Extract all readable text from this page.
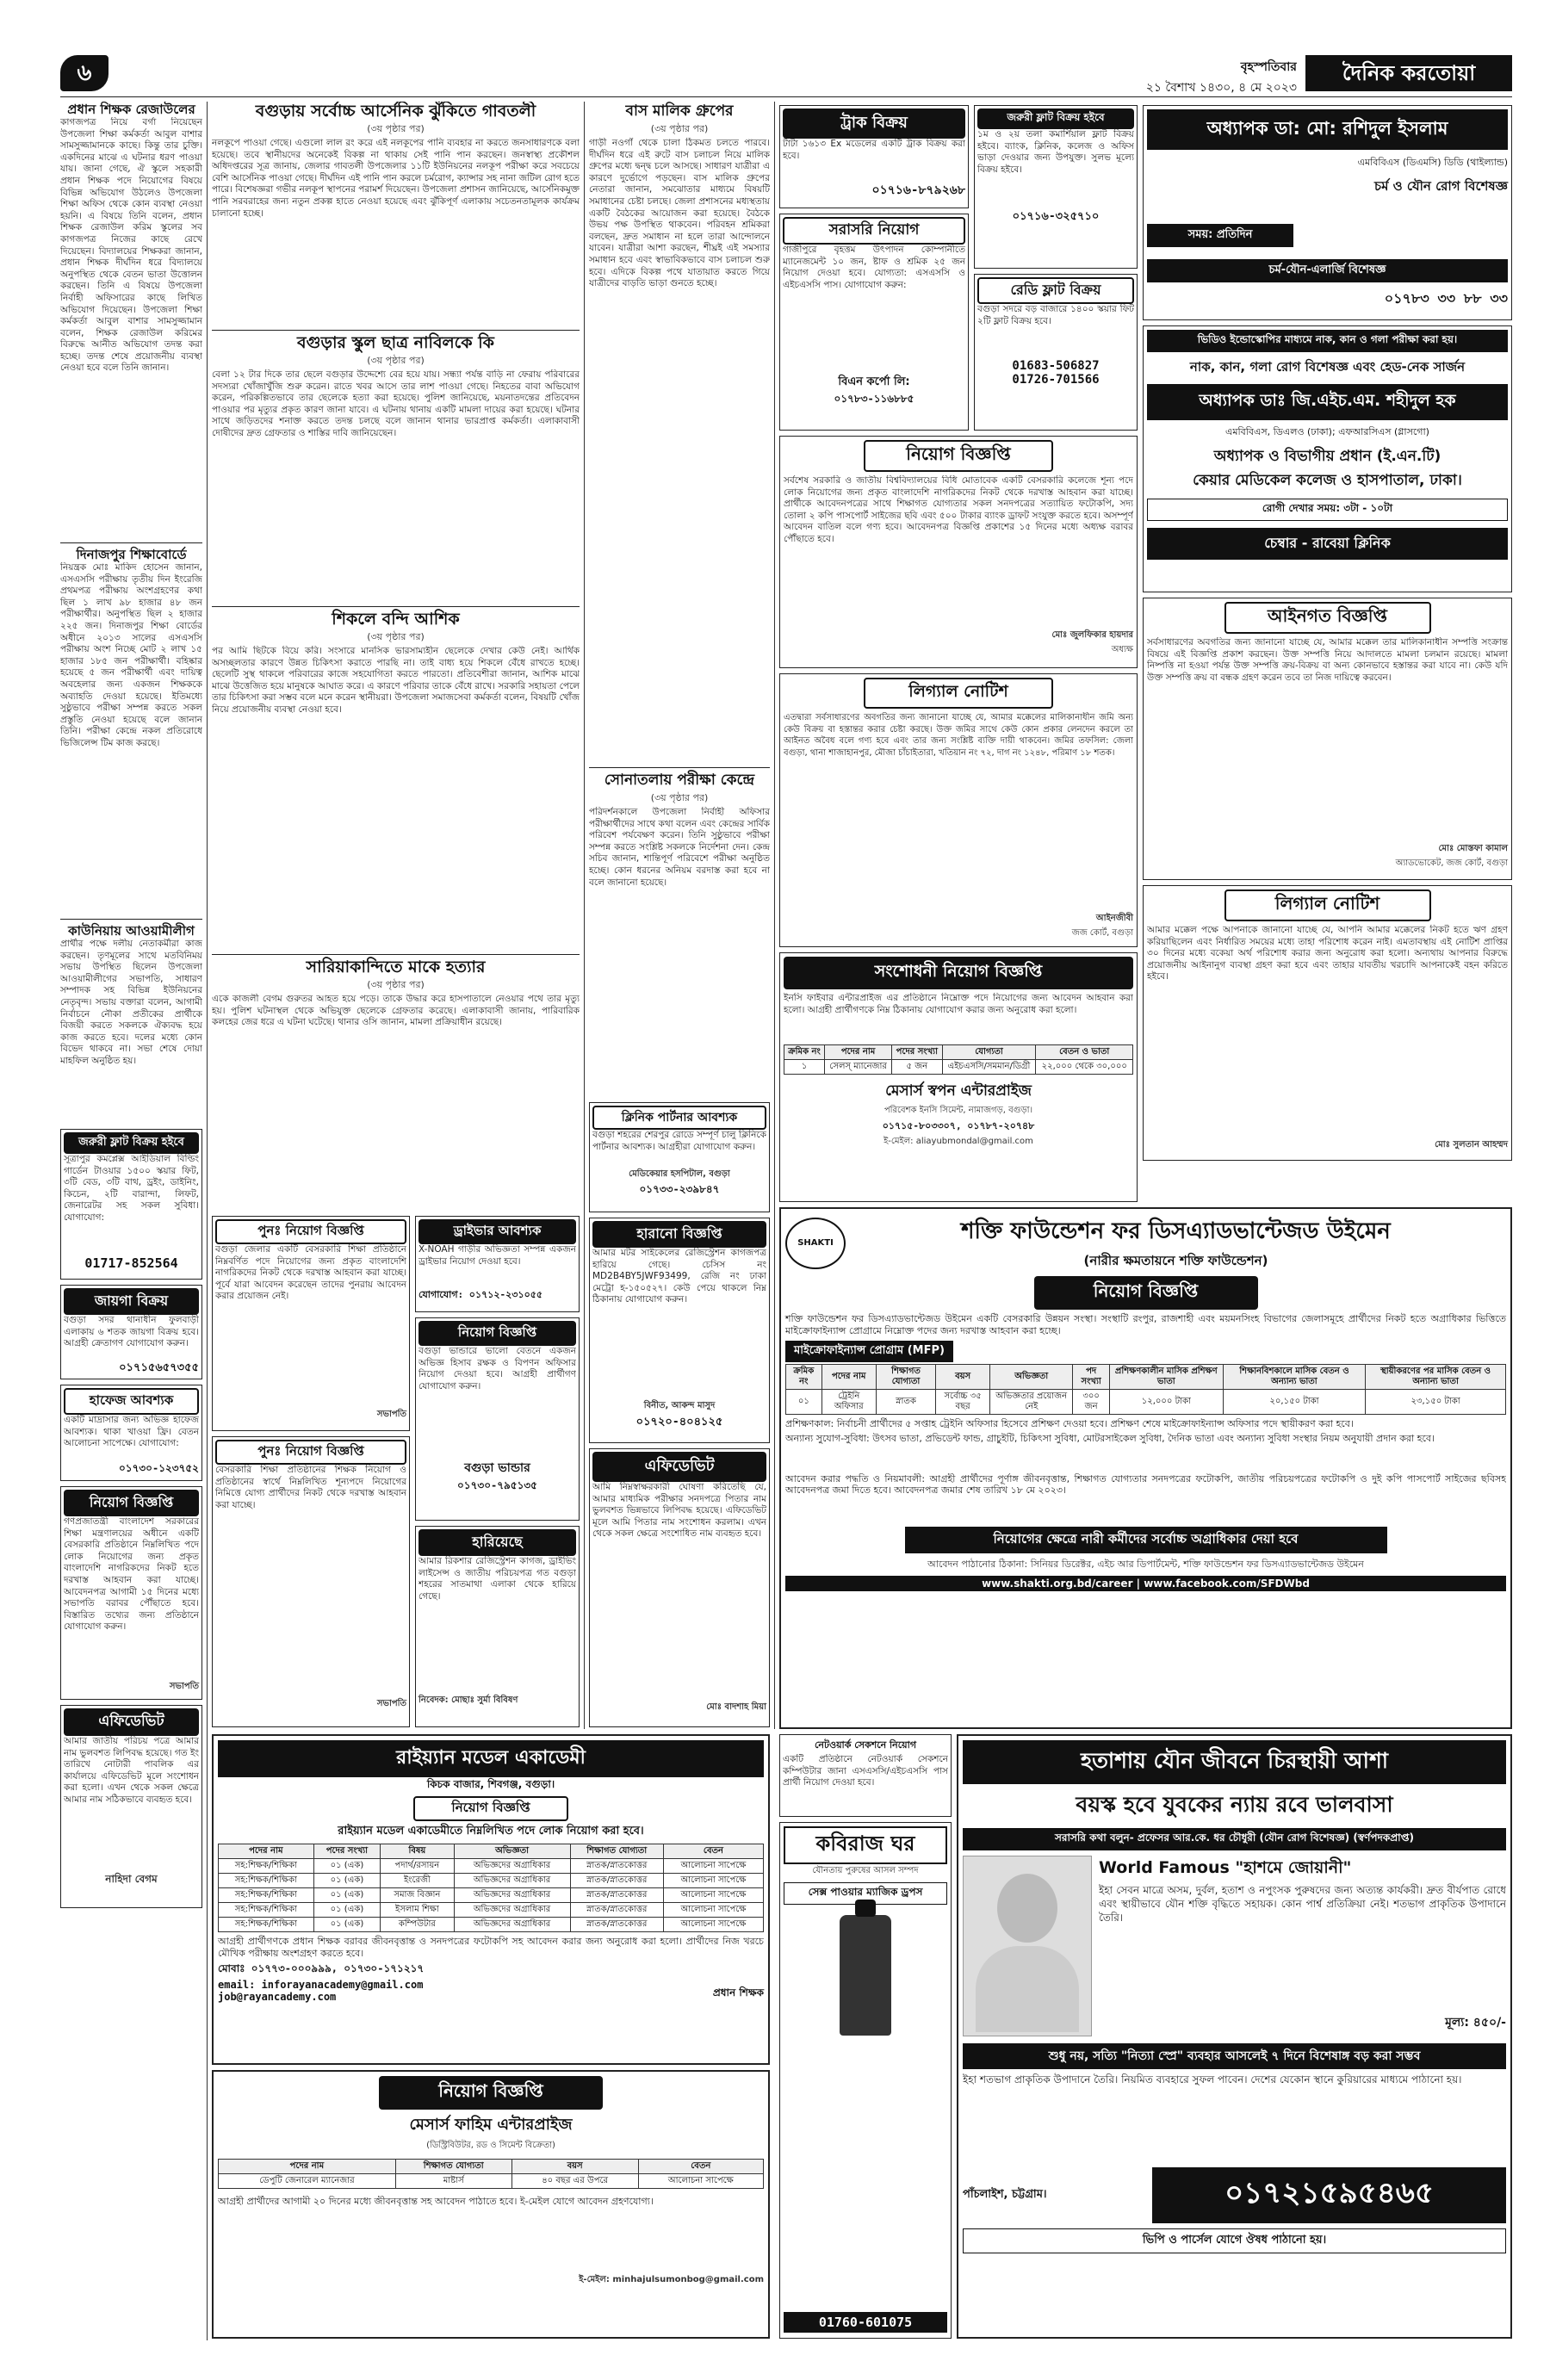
৬	বৃহস্পতিবার
২১ বৈশাখ ১৪৩০, ৪ মে ২০২৩
দৈনিক করতোয়া
প্রধান শিক্ষক রেজাউলের
কাগজপত্র নিয়ে বর্গা নিয়েছেন উপজেলা শিক্ষা কর্মকর্তা আবুল বাশার সামসুজ্জামানকে কাছে। কিন্তু তার চুক্তি। একদিনের মাঝে এ ঘটনার ধরণ পাওয়া যায়। জানা গেছে, ঐ স্কুলে সহকারী প্রধান শিক্ষক পদে নিয়োগের বিষয়ে বিভিন্ন অভিযোগ উঠলেও উপজেলা শিক্ষা অফিস থেকে কোন ব্যবস্থা নেওয়া হয়নি। এ বিষয়ে তিনি বলেন, প্রধান শিক্ষক রেজাউল করিম স্কুলের সব কাগজপত্র নিজের কাছে রেখে দিয়েছেন। বিদ্যালয়ের শিক্ষকরা জানান, প্রধান শিক্ষক দীর্ঘদিন ধরে বিদ্যালয়ে অনুপস্থিত থেকে বেতন ভাতা উত্তোলন করছেন। তিনি এ বিষয়ে উপজেলা নির্বাহী অফিসারের কাছে লিখিত অভিযোগ দিয়েছেন। উপজেলা শিক্ষা কর্মকর্তা আবুল বাশার সামসুজ্জামান বলেন, শিক্ষক রেজাউল করিমের বিরুদ্ধে আনীত অভিযোগ তদন্ত করা হচ্ছে। তদন্ত শেষে প্রয়োজনীয় ব্যবস্থা নেওয়া হবে বলে তিনি জানান।
দিনাজপুর শিক্ষাবোর্ডে
নিয়ন্ত্রক মোঃ মাকিদ হোসেন জানান, এসএসসি পরীক্ষায় তৃতীয় দিন ইংরেজি প্রথমপত্র পরীক্ষায় অংশগ্রহণের কথা ছিল ১ লাখ ৯৮ হাজার ৪৮ জন পরীক্ষার্থীর। অনুপস্থিত ছিল ২ হাজার ২২৫ জন। দিনাজপুর শিক্ষা বোর্ডের অধীনে ২০১৩ সালের এসএসসি পরীক্ষায় অংশ নিচ্ছে মোট ২ লাখ ১৫ হাজার ১৮৫ জন পরীক্ষার্থী। বহিষ্কার হয়েছে ৫ জন পরীক্ষার্থী এবং দায়িত্ব অবহেলার জন্য একজন শিক্ষককে অব্যাহতি দেওয়া হয়েছে। ইতিমধ্যে সুষ্ঠুভাবে পরীক্ষা সম্পন্ন করতে সকল প্রস্তুতি নেওয়া হয়েছে বলে জানান তিনি। পরীক্ষা কেন্দ্রে নকল প্রতিরোধে ভিজিলেন্স টিম কাজ করছে।
কাউনিয়ায় আওয়ামীলীগ
প্রার্থীর পক্ষে দলীয় নেতাকর্মীরা কাজ করছেন। তৃণমূলের সাথে মতবিনিময় সভায় উপস্থিত ছিলেন উপজেলা আওয়ামীলীগের সভাপতি, সাধারণ সম্পাদক সহ বিভিন্ন ইউনিয়নের নেতৃবৃন্দ। সভায় বক্তারা বলেন, আগামী নির্বাচনে নৌকা প্রতীকের প্রার্থীকে বিজয়ী করতে সকলকে ঐক্যবদ্ধ হয়ে কাজ করতে হবে। দলের মধ্যে কোন বিভেদ থাকবে না। সভা শেষে দোয়া মাহফিল অনুষ্ঠিত হয়।
জরুরী ফ্লাট বিক্রয় হইবে
সূত্রাপুর কমপ্লেক্স আইডিয়াল বিল্ডিং গার্ডেন টাওয়ার ১৫০০ স্কয়ার ফিট, ৩টি বেড, ৩টি বাথ, ড্রইং, ডাইনিং, কিচেন, ২টি বারান্দা, লিফট, জেনারেটর সহ সকল সুবিধা। যোগাযোগ:
01717-852564
জায়গা বিক্রয়
বগুড়া সদর থানাধীন ফুলবাড়ী এলাকায় ৬ শতক জায়গা বিক্রয় হবে। আগ্রহী ক্রেতাগণ যোগাযোগ করুন।
০১৭১৫৬৫৭৩৫৫
হাফেজ আবশ্যক
একটি মাদ্রাসার জন্য অভিজ্ঞ হাফেজ আবশ্যক। থাকা খাওয়া ফ্রি। বেতন আলোচনা সাপেক্ষে। যোগাযোগ:
০১৭৩০-১২৩৭৫২
নিয়োগ বিজ্ঞপ্তি
গণপ্রজাতন্ত্রী বাংলাদেশ সরকারের শিক্ষা মন্ত্রণালয়ের অধীনে একটি বেসরকারি প্রতিষ্ঠানে নিম্নলিখিত পদে লোক নিয়োগের জন্য প্রকৃত বাংলাদেশি নাগরিকদের নিকট হতে দরখাস্ত আহবান করা যাচ্ছে। আবেদনপত্র আগামী ১৫ দিনের মধ্যে সভাপতি বরাবর পৌঁছাতে হবে। বিস্তারিত তথ্যের জন্য প্রতিষ্ঠানে যোগাযোগ করুন।
সভাপতি
এফিডেভিট
আমার জাতীয় পরিচয় পত্রে আমার নাম ভুলবশত লিপিবদ্ধ হয়েছে। গত ইং তারিখে নোটারী পাবলিক এর কার্যালয়ে এফিডেভিট মূলে সংশোধন করা হলো। এখন থেকে সকল ক্ষেত্রে আমার নাম সঠিকভাবে ব্যবহৃত হবে।
নাহিদা বেগম
বগুড়ায় সর্বোচ্চ আর্সেনিক ঝুঁকিতে গাবতলী
(৩য় পৃষ্ঠার পর)
নলকূপে পাওয়া গেছে। এগুলো লাল রং করে এই নলকূপের পানি ব্যবহার না করতে জনসাধারণকে বলা হয়েছে। তবে স্থানীয়দের অনেকেই বিকল্প না থাকায় সেই পানি পান করছেন। জনস্বাস্থ্য প্রকৌশল অধিদপ্তরের সূত্র জানায়, জেলার গাবতলী উপজেলার ১১টি ইউনিয়নের নলকূপ পরীক্ষা করে সবচেয়ে বেশি আর্সেনিক পাওয়া গেছে। দীর্ঘদিন এই পানি পান করলে চর্মরোগ, ক্যান্সার সহ নানা জটিল রোগ হতে পারে। বিশেষজ্ঞরা গভীর নলকূপ স্থাপনের পরামর্শ দিয়েছেন। উপজেলা প্রশাসন জানিয়েছে, আর্সেনিকমুক্ত পানি সরবরাহের জন্য নতুন প্রকল্প হাতে নেওয়া হয়েছে এবং ঝুঁকিপূর্ণ এলাকায় সচেতনতামূলক কার্যক্রম চালানো হচ্ছে।
বগুড়ার স্কুল ছাত্র নাবিলকে কি
(৩য় পৃষ্ঠার পর)
বেলা ১২ টার দিকে তার ছেলে বগুড়ার উদ্দেশ্যে বের হয়ে যায়। সন্ধ্যা পর্যন্ত বাড়ি না ফেরায় পরিবারের সদস্যরা খোঁজাখুঁজি শুরু করেন। রাতে খবর আসে তার লাশ পাওয়া গেছে। নিহতের বাবা অভিযোগ করেন, পরিকল্পিতভাবে তার ছেলেকে হত্যা করা হয়েছে। পুলিশ জানিয়েছে, ময়নাতদন্তের প্রতিবেদন পাওয়ার পর মৃত্যুর প্রকৃত কারণ জানা যাবে। এ ঘটনায় থানায় একটি মামলা দায়ের করা হয়েছে। ঘটনার সাথে জড়িতদের শনাক্ত করতে তদন্ত চলছে বলে জানান থানার ভারপ্রাপ্ত কর্মকর্তা। এলাকাবাসী দোষীদের দ্রুত গ্রেফতার ও শাস্তির দাবি জানিয়েছেন।
শিকলে বন্দি আশিক
(৩য় পৃষ্ঠার পর)
পর আমি ছিটকে বিয়ে করি। সংসারে মানসিক ভারসাম্যহীন ছেলেকে দেখার কেউ নেই। আর্থিক অসচ্ছলতার কারণে উন্নত চিকিৎসা করাতে পারছি না। তাই বাধ্য হয়ে শিকলে বেঁধে রাখতে হচ্ছে। ছেলেটি সুস্থ থাকলে পরিবারের কাজে সহযোগিতা করতে পারতো। প্রতিবেশীরা জানান, আশিক মাঝে মাঝে উত্তেজিত হয়ে মানুষকে আঘাত করে। এ কারণে পরিবার তাকে বেঁধে রাখে। সরকারি সহায়তা পেলে তার চিকিৎসা করা সম্ভব বলে মনে করেন স্থানীয়রা। উপজেলা সমাজসেবা কর্মকর্তা বলেন, বিষয়টি খোঁজ নিয়ে প্রয়োজনীয় ব্যবস্থা নেওয়া হবে।
সারিয়াকান্দিতে মাকে হত্যার
(৩য় পৃষ্ঠার পর)
একে কাজলী বেগম গুরুতর আহত হয়ে পড়ে। তাকে উদ্ধার করে হাসপাতালে নেওয়ার পথে তার মৃত্যু হয়। পুলিশ ঘটনাস্থল থেকে অভিযুক্ত ছেলেকে গ্রেফতার করেছে। এলাকাবাসী জানায়, পারিবারিক কলহের জের ধরে এ ঘটনা ঘটেছে। থানার ওসি জানান, মামলা প্রক্রিয়াধীন রয়েছে।
পুনঃ নিয়োগ বিজ্ঞপ্তি
বগুড়া জেলার একটি বেসরকারি শিক্ষা প্রতিষ্ঠানে নিম্নবর্ণিত পদে নিয়োগের জন্য প্রকৃত বাংলাদেশি নাগরিকদের নিকট থেকে দরখাস্ত আহবান করা যাচ্ছে। পূর্বে যারা আবেদন করেছেন তাদের পুনরায় আবেদন করার প্রয়োজন নেই।
সভাপতি
পুনঃ নিয়োগ বিজ্ঞপ্তি
বেসরকারি শিক্ষা প্রতিষ্ঠানের শিক্ষক নিয়োগ ও প্রতিষ্ঠানের স্বার্থে নিম্নলিখিত শূন্যপদে নিয়োগের নিমিত্তে যোগ্য প্রার্থীদের নিকট থেকে দরখাস্ত আহবান করা যাচ্ছে।
সভাপতি
ড্রাইভার আবশ্যক
X-NOAH গাড়ীর অভিজ্ঞতা সম্পন্ন একজন ড্রাইভার নিয়োগ দেওয়া হবে।
যোগাযোগ: ০১৭১২-২৩১০৫৫
নিয়োগ বিজ্ঞপ্তি
বগুড়া ভান্ডারে ভালো বেতনে একজন অভিজ্ঞ হিসাব রক্ষক ও বিপণন অফিসার নিয়োগ দেওয়া হবে। আগ্রহী প্রার্থীগণ যোগাযোগ করুন।
বগুড়া ভান্ডার
০১৭৩০-৭৯৫১৩৫
হারিয়েছে
আমার রিকশার রেজিস্ট্রেশন কাগজ, ড্রাইভিং লাইসেন্স ও জাতীয় পরিচয়পত্র গত বগুড়া শহরের সাতমাথা এলাকা থেকে হারিয়ে গেছে।
নিবেদক: মোছাঃ সুর্মা বিবিষণ
বাস মালিক গ্রুপের
(৩য় পৃষ্ঠার পর)
গাড়ী নওগাঁ থেকে চালা ঠিকমত চলতে পারবে। দীর্ঘদিন ধরে এই রুটে বাস চলাচল নিয়ে মালিক গ্রুপের মধ্যে দ্বন্দ্ব চলে আসছে। সাধারণ যাত্রীরা এ কারণে দুর্ভোগে পড়ছেন। বাস মালিক গ্রুপের নেতারা জানান, সমঝোতার মাধ্যমে বিষয়টি সমাধানের চেষ্টা চলছে। জেলা প্রশাসনের মধ্যস্থতায় একটি বৈঠকের আয়োজন করা হয়েছে। বৈঠকে উভয় পক্ষ উপস্থিত থাকবেন। পরিবহন শ্রমিকরা বলছেন, দ্রুত সমাধান না হলে তারা আন্দোলনে যাবেন। যাত্রীরা আশা করছেন, শীঘ্রই এই সমস্যার সমাধান হবে এবং স্বাভাবিকভাবে বাস চলাচল শুরু হবে। এদিকে বিকল্প পথে যাতায়াত করতে গিয়ে যাত্রীদের বাড়তি ভাড়া গুনতে হচ্ছে।
সোনাতলায় পরীক্ষা কেন্দ্রে
(৩য় পৃষ্ঠার পর)
পরিদর্শনকালে উপজেলা নির্বাহী অফিসার পরীক্ষার্থীদের সাথে কথা বলেন এবং কেন্দ্রের সার্বিক পরিবেশ পর্যবেক্ষণ করেন। তিনি সুষ্ঠুভাবে পরীক্ষা সম্পন্ন করতে সংশ্লিষ্ট সকলকে নির্দেশনা দেন। কেন্দ্র সচিব জানান, শান্তিপূর্ণ পরিবেশে পরীক্ষা অনুষ্ঠিত হচ্ছে। কোন ধরনের অনিয়ম বরদাস্ত করা হবে না বলে জানানো হয়েছে।
ক্লিনিক পার্টনার আবশ্যক
বগুড়া শহরের শেরপুর রোডে সম্পূর্ণ চালু ক্লিনিকে পার্টনার আবশ্যক। আগ্রহীরা যোগাযোগ করুন।
মেডিকেয়ার হসপিটাল, বগুড়া
০১৭৩৩-২৩৯৮৪৭
হারানো বিজ্ঞপ্তি
আমার মটর সাইকেলের রেজিস্ট্রেশন কাগজপত্র হারিয়ে গেছে। চেসিস নং MD2B4BY5JWF93499, রেজি নং ঢাকা মেট্রো হ-১৫০৫২৭। কেউ পেয়ে থাকলে নিম্ন ঠিকানায় যোগাযোগ করুন।
বিনীত, আকন্দ মাসুদ
০১৭২০-৪০৪১২৫
এফিডেভিট
আমি নিম্নস্বাক্ষরকারী ঘোষণা করিতেছি যে, আমার মাধ্যমিক পরীক্ষার সনদপত্রে পিতার নাম ভুলবশত ভিন্নভাবে লিপিবদ্ধ হয়েছে। এফিডেভিট মূলে আমি পিতার নাম সংশোধন করলাম। এখন থেকে সকল ক্ষেত্রে সংশোধিত নাম ব্যবহৃত হবে।
মোঃ বাদশাহ মিয়া
ট্রাক বিক্রয়
টাটা ১৬১৩ Ex মডেলের একটি ট্রাক বিক্রয় করা হবে।
০১৭১৬-৮৭৯২৬৮
সরাসরি নিয়োগ
গাজীপুরে বৃহত্তম উৎপাদন কোম্পানীতে ম্যানেজমেন্ট ১০ জন, ষ্টাফ ও শ্রমিক ২৫ জন নিয়োগ দেওয়া হবে। যোগ্যতা: এসএসসি ও এইচএসসি পাস। যোগাযোগ করুন:
বিএন কর্পো লি:
০১৭৮৩-১১৬৮৮৫
জরুরী ফ্লাট বিক্রয় হইবে
১ম ও ২য় তলা কমার্শিয়াল ফ্লাট বিক্রয় হইবে। ব্যাংক, ক্লিনিক, কলেজ ও অফিস ভাড়া দেওয়ার জন্য উপযুক্ত। সুলভ মূল্যে বিক্রয় হইবে।
০১৭১৬-৩২৫৭১০
রেডি ফ্লাট বিক্রয়
বগুড়া সদরে বড় বাজারে ১৪০০ স্কয়ার ফিট ২টি ফ্লাট বিক্রয় হবে।
01683-506827
01726-701566
অধ্যাপক ডা: মো: রশিদুল ইসলাম
এমবিবিএস (ডিএমসি) ডিডি (থাইল্যান্ড)
চর্ম ও যৌন রোগ বিশেষজ্ঞ
সময়: প্রতিদিন
চর্ম-যৌন-এলার্জি বিশেষজ্ঞ
০১৭৮৩ ৩৩ ৮৮ ৩৩
ভিডিও ইন্ডোস্কোপির মাধ্যমে নাক, কান ও গলা পরীক্ষা করা হয়।
নাক, কান, গলা রোগ বিশেষজ্ঞ এবং হেড-নেক সার্জন
অধ্যাপক ডাঃ জি.এইচ.এম. শহীদুল হক
এমবিবিএস, ডিএলও (ঢাকা); এফআরসিএস (গ্লাসগো)
অধ্যাপক ও বিভাগীয় প্রধান (ই.এন.টি)
কেয়ার মেডিকেল কলেজ ও হাসপাতাল, ঢাকা।
রোগী দেখার সময়: ৩টা - ১০টা
চেম্বার - রাবেয়া ক্লিনিক
নিয়োগ বিজ্ঞপ্তি
সর্বশেষ সরকারি ও জাতীয় বিশ্ববিদ্যালয়ের বিধি মোতাবেক একটি বেসরকারি কলেজে শূন্য পদে লোক নিয়োগের জন্য প্রকৃত বাংলাদেশি নাগরিকদের নিকট থেকে দরখাস্ত আহবান করা যাচ্ছে। প্রার্থীকে আবেদনপত্রের সাথে শিক্ষাগত যোগ্যতার সকল সনদপত্রের সত্যায়িত ফটোকপি, সদ্য তোলা ২ কপি পাসপোর্ট সাইজের ছবি এবং ৫০০ টাকার ব্যাংক ড্রাফট সংযুক্ত করতে হবে। অসম্পূর্ণ আবেদন বাতিল বলে গণ্য হবে। আবেদনপত্র বিজ্ঞপ্তি প্রকাশের ১৫ দিনের মধ্যে অধ্যক্ষ বরাবর পৌঁছাতে হবে।
মোঃ জুলফিকার হায়দার
অধ্যক্ষ
লিগ্যাল নোটিশ
এতদ্বারা সর্বসাধারণের অবগতির জন্য জানানো যাচ্ছে যে, আমার মক্কেলের মালিকানাধীন জমি অন্য কেউ বিক্রয় বা হস্তান্তর করার চেষ্টা করছে। উক্ত জমির সাথে কেউ কোন প্রকার লেনদেন করলে তা আইনত অবৈধ বলে গণ্য হবে এবং তার জন্য সংশ্লিষ্ট ব্যক্তি দায়ী থাকবেন। জমির তফসিল: জেলা বগুড়া, থানা শাজাহানপুর, মৌজা চাঁচাইতারা, খতিয়ান নং ৭২, দাগ নং ১২৪৮, পরিমাণ ১৮ শতক।
আইনজীবী
জজ কোর্ট, বগুড়া
আইনগত বিজ্ঞপ্তি
সর্বসাধারণের অবগতির জন্য জানানো যাচ্ছে যে, আমার মক্কেল তার মালিকানাধীন সম্পত্তি সংক্রান্ত বিষয়ে এই বিজ্ঞপ্তি প্রকাশ করছেন। উক্ত সম্পত্তি নিয়ে আদালতে মামলা চলমান রয়েছে। মামলা নিষ্পত্তি না হওয়া পর্যন্ত উক্ত সম্পত্তি ক্রয়-বিক্রয় বা অন্য কোনভাবে হস্তান্তর করা যাবে না। কেউ যদি উক্ত সম্পত্তি ক্রয় বা বন্ধক গ্রহণ করেন তবে তা নিজ দায়িত্বে করবেন।
মোঃ মোস্তফা কামাল
অ্যাডভোকেট, জজ কোর্ট, বগুড়া
লিগ্যাল নোটিশ
আমার মক্কেল পক্ষে আপনাকে জানানো যাচ্ছে যে, আপনি আমার মক্কেলের নিকট হতে ঋণ গ্রহণ করিয়াছিলেন এবং নির্ধারিত সময়ের মধ্যে তাহা পরিশোধ করেন নাই। এমতাবস্থায় এই নোটিশ প্রাপ্তির ৩০ দিনের মধ্যে বকেয়া অর্থ পরিশোধ করার জন্য অনুরোধ করা হলো। অন্যথায় আপনার বিরুদ্ধে প্রয়োজনীয় আইনানুগ ব্যবস্থা গ্রহণ করা হবে এবং তাহার যাবতীয় খরচাদি আপনাকেই বহন করিতে হইবে।
মোঃ সুলতান আহম্মদ
সংশোধনী নিয়োগ বিজ্ঞপ্তি
ইনসি ফাইবার এন্টারপ্রাইজ এর প্রতিষ্ঠানে নিম্নোক্ত পদে নিয়োগের জন্য আবেদন আহবান করা হলো। আগ্রহী প্রার্থীগণকে নিম্ন ঠিকানায় যোগাযোগ করার জন্য অনুরোধ করা হলো।
ক্রমিক নং	পদের নাম	পদের সংখ্যা	যোগ্যতা	বেতন ও ভাতা
১	সেলস্ ম্যানেজার	৫ জন	এইচএসসি/সমমান/ডিগ্রী	২২,০০০ থেকে ৩০,০০০
মেসার্স স্বপন এন্টারপ্রাইজ
পরিবেশক ইনসি সিমেন্ট, নামাজগড়, বগুড়া।
০১৭১৫-৮০৩৩০৭, ০১৭৮৭-২০৭৪৮
ই-মেইল: aliayubmondal@gmail.com
SHAKTI	শক্তি ফাউন্ডেশন ফর ডিসএ্যাডভান্টেজড উইমেন
(নারীর ক্ষমতায়নে শক্তি ফাউন্ডেশন)
নিয়োগ বিজ্ঞপ্তি
শক্তি ফাউন্ডেশন ফর ডিসএ্যাডভান্টেজড উইমেন একটি বেসরকারি উন্নয়ন সংস্থা। সংস্থাটি রংপুর, রাজশাহী এবং ময়মনসিংহ বিভাগের জেলাসমূহে প্রার্থীদের নিকট হতে অগ্রাধিকার ভিত্তিতে মাইক্রোফাইন্যান্স প্রোগ্রামে নিম্নোক্ত পদের জন্য দরখাস্ত আহবান করা হচ্ছে।
মাইক্রোফাইন্যান্স প্রোগ্রাম (MFP)
ক্রমিক নং	পদের নাম	শিক্ষাগত যোগ্যতা	বয়স	অভিজ্ঞতা	পদ সংখ্যা	প্রশিক্ষণকালীন মাসিক প্রশিক্ষণ ভাতা	শিক্ষানবিশকালে মাসিক বেতন ও অন্যান্য ভাতা	স্থায়ীকরণের পর মাসিক বেতন ও অন্যান্য ভাতা
০১	ট্রেইনি অফিসার	স্নাতক	সর্বোচ্চ ৩৫ বছর	অভিজ্ঞতার প্রয়োজন নেই	৩০০ জন	১২,০০০ টাকা	২০,১৫০ টাকা	২৩,১৫০ টাকা
প্রশিক্ষণকাল: নির্বাচনী প্রার্থীদের ৫ সপ্তাহ ট্রেইনি অফিসার হিসেবে প্রশিক্ষণ দেওয়া হবে। প্রশিক্ষণ শেষে মাইক্রোফাইন্যান্স অফিসার পদে স্থায়ীকরণ করা হবে।
অন্যান্য সুযোগ-সুবিধা: উৎসব ভাতা, প্রভিডেন্ট ফান্ড, গ্রাচুইটি, চিকিৎসা সুবিধা, মোটরসাইকেল সুবিধা, দৈনিক ভাতা এবং অন্যান্য সুবিধা সংস্থার নিয়ম অনুযায়ী প্রদান করা হবে।
আবেদন করার পদ্ধতি ও নিয়মাবলী: আগ্রহী প্রার্থীদের পূর্ণাঙ্গ জীবনবৃত্তান্ত, শিক্ষাগত যোগ্যতার সনদপত্রের ফটোকপি, জাতীয় পরিচয়পত্রের ফটোকপি ও দুই কপি পাসপোর্ট সাইজের ছবিসহ আবেদনপত্র জমা দিতে হবে। আবেদনপত্র জমার শেষ তারিখ ১৮ মে ২০২৩।
নিয়োগের ক্ষেত্রে নারী কর্মীদের সর্বোচ্চ অগ্রাধিকার দেয়া হবে
আবেদন পাঠানোর ঠিকানা: সিনিয়র ডিরেক্টর, এইচ আর ডিপার্টমেন্ট, শক্তি ফাউন্ডেশন ফর ডিসএ্যাডভান্টেজড উইমেন
www.shakti.org.bd/career | www.facebook.com/SFDWbd
রাইয়্যান মডেল একাডেমী
কিচক বাজার, শিবগঞ্জ, বগুড়া।
নিয়োগ বিজ্ঞপ্তি
রাইয়্যান মডেল একাডেমীতে নিম্নলিখিত পদে লোক নিয়োগ করা হবে।
পদের নাম	পদের সংখ্যা	বিষয়	অভিজ্ঞতা	শিক্ষাগত যোগ্যতা	বেতন
সহ:শিক্ষক/শিক্ষিকা	০১ (এক)	পদার্থ/রসায়ন	অভিজ্ঞদের অগ্রাধিকার	স্নাতক/স্নাতকোত্তর	আলোচনা সাপেক্ষে
সহ:শিক্ষক/শিক্ষিকা	০১ (এক)	ইংরেজী	অভিজ্ঞদের অগ্রাধিকার	স্নাতক/স্নাতকোত্তর	আলোচনা সাপেক্ষে
সহ:শিক্ষক/শিক্ষিকা	০১ (এক)	সমাজ বিজ্ঞান	অভিজ্ঞদের অগ্রাধিকার	স্নাতক/স্নাতকোত্তর	আলোচনা সাপেক্ষে
সহ:শিক্ষক/শিক্ষিকা	০১ (এক)	ইসলাম শিক্ষা	অভিজ্ঞদের অগ্রাধিকার	স্নাতক/স্নাতকোত্তর	আলোচনা সাপেক্ষে
সহ:শিক্ষক/শিক্ষিকা	০১ (এক)	কম্পিউটার	অভিজ্ঞদের অগ্রাধিকার	স্নাতক/স্নাতকোত্তর	আলোচনা সাপেক্ষে
আগ্রহী প্রার্থীগণকে প্রধান শিক্ষক বরাবর জীবনবৃত্তান্ত ও সনদপত্রের ফটোকপি সহ আবেদন করার জন্য অনুরোধ করা হলো। প্রার্থীদের নিজ খরচে মৌখিক পরীক্ষায় অংশগ্রহণ করতে হবে।
মোবাঃ ০১৭৭৩-০০০৯৯৯, ০১৭৩০-১৭১২১৭
email: inforayanacademy@gmail.com
job@rayancademy.com	প্রধান শিক্ষক
নিয়োগ বিজ্ঞপ্তি
মেসার্স ফাহিম এন্টারপ্রাইজ
(ডিস্ট্রিবিউটর, রড ও সিমেন্ট বিক্রেতা)
পদের নাম	শিক্ষাগত যোগ্যতা	বয়স	বেতন
ডেপুটি জেনারেল ম্যানেজার	মাষ্টার্স	৪০ বছর এর উপরে	আলোচনা সাপেক্ষে
আগ্রহী প্রার্থীদের আগামী ২০ দিনের মধ্যে জীবনবৃত্তান্ত সহ আবেদন পাঠাতে হবে। ই-মেইল যোগে আবেদন গ্রহণযোগ্য।
ই-মেইল: minhajulsumonbog@gmail.com
নেটওয়ার্ক সেকশনে নিয়োগ
একটি প্রতিষ্ঠানে নেটওয়ার্ক সেকশনে কম্পিউটার জানা এসএসসি/এইচএসসি পাস প্রার্থী নিয়োগ দেওয়া হবে।
কবিরাজ ঘর
যৌনতায় পুরুষের আসল সম্পদ
সেক্স পাওয়ার ম্যাজিক ড্রপস
01760-601075
হতাশায় যৌন জীবনে চিরস্থায়ী আশা
বয়স্ক হবে যুবকের ন্যায় রবে ভালবাসা
সরাসরি কথা বলুন- প্রফেসর আর.কে. ধর চৌধুরী (যৌন রোগ বিশেষজ্ঞ) (স্বর্ণপদকপ্রাপ্ত)
World Famous "হাশমে জোয়ানী"
ইহা সেবন মাত্রে অসম, দুর্বল, হতাশ ও নপুংসক পুরুষদের জন্য অত্যন্ত কার্যকরী। দ্রুত বীর্যপাত রোধে এবং স্থায়ীভাবে যৌন শক্তি বৃদ্ধিতে সহায়ক। কোন পার্শ্ব প্রতিক্রিয়া নেই। শতভাগ প্রাকৃতিক উপাদানে তৈরি।
মূল্য: ৪৫০/-
শুধু নয়, সত্যি "নিত্যা স্প্রে" ব্যবহার আসলেই ৭ দিনে বিশেষাঙ্গ বড় করা সম্ভব
ইহা শতভাগ প্রাকৃতিক উপাদানে তৈরি। নিয়মিত ব্যবহারে সুফল পাবেন। দেশের যেকোন স্থানে কুরিয়ারের মাধ্যমে পাঠানো হয়।
পাঁচলাইশ, চট্টগ্রাম।	০১৭২১৫৯৫৪৬৫
ভিপি ও পার্সেল যোগে ঔষধ পাঠানো হয়।
